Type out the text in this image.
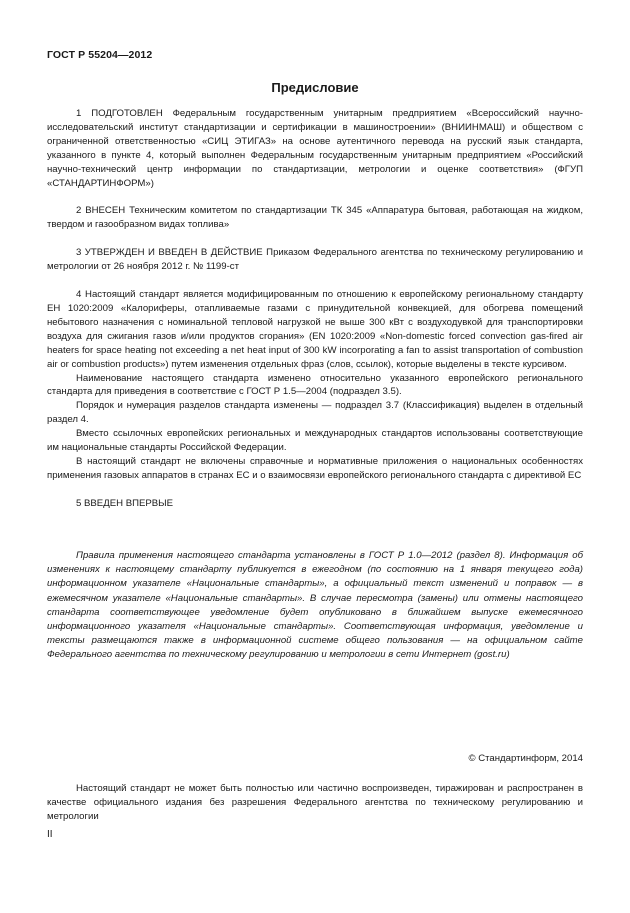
ГОСТ Р 55204—2012
Предисловие

1 ПОДГОТОВЛЕН Федеральным государственным унитарным предприятием «Всероссийский научно-исследовательский институт стандартизации и сертификации в машиностроении» (ВНИИНМАШ) и обществом с ограниченной ответственностью «СИЦ ЭТИГАЗ» на основе аутентичного перевода на русский язык стандарта, указанного в пункте 4, который выполнен Федеральным государственным унитарным предприятием «Российский научно-технический центр информации по стандартизации, метрологии и оценке соответствия» (ФГУП «СТАНДАРТИНФОРМ»)

2 ВНЕСЕН Техническим комитетом по стандартизации ТК 345 «Аппаратура бытовая, работающая на жидком, твердом и газообразном видах топлива»

3 УТВЕРЖДЕН И ВВЕДЕН В ДЕЙСТВИЕ Приказом Федерального агентства по техническому регулированию и метрологии от 26 ноября 2012 г. № 1199-ст

4 Настоящий стандарт является модифицированным по отношению к европейскому региональному стандарту ЕН 1020:2009 «Калориферы, отапливаемые газами с принудительной конвекцией, для обогрева помещений небытового назначения с номинальной тепловой нагрузкой не выше 300 кВт с воздуходувкой для транспортировки воздуха для сжигания газов и/или продуктов сгорания» (EN 1020:2009 «Non-domestic forced convection gas-fired air heaters for space heating not exceeding a net heat input of 300 kW incorporating a fan to assist transportation of combustion air or combustion products») путем изменения отдельных фраз (слов, ссылок), которые выделены в тексте курсивом.

Наименование настоящего стандарта изменено относительно указанного европейского регионального стандарта для приведения в соответствие с ГОСТ Р 1.5—2004 (подраздел 3.5).

Порядок и нумерация разделов стандарта изменены — подраздел 3.7 (Классификация) выделен в отдельный раздел 4.

Вместо ссылочных европейских региональных и международных стандартов использованы соответствующие им национальные стандарты Российской Федерации.

В настоящий стандарт не включены справочные и нормативные приложения о национальных особенностях применения газовых аппаратов в странах ЕС и о взаимосвязи европейского регионального стандарта с директивой ЕС

5 ВВЕДЕН ВПЕРВЫЕ

Правила применения настоящего стандарта установлены в ГОСТ Р 1.0—2012 (раздел 8). Информация об изменениях к настоящему стандарту публикуется в ежегодном (по состоянию на 1 января текущего года) информационном указателе «Национальные стандарты», а официальный текст изменений и поправок — в ежемесячном указателе «Национальные стандарты». В случае пересмотра (замены) или отмены настоящего стандарта соответствующее уведомление будет опубликовано в ближайшем выпуске ежемесячного информационного указателя «Национальные стандарты». Соответствующая информация, уведомление и тексты размещаются также в информационной системе общего пользования — на официальном сайте Федерального агентства по техническому регулированию и метрологии в сети Интернет (gost.ru)

© Стандартинформ, 2014

Настоящий стандарт не может быть полностью или частично воспроизведен, тиражирован и распространен в качестве официального издания без разрешения Федерального агентства по техническому регулированию и метрологии

II
